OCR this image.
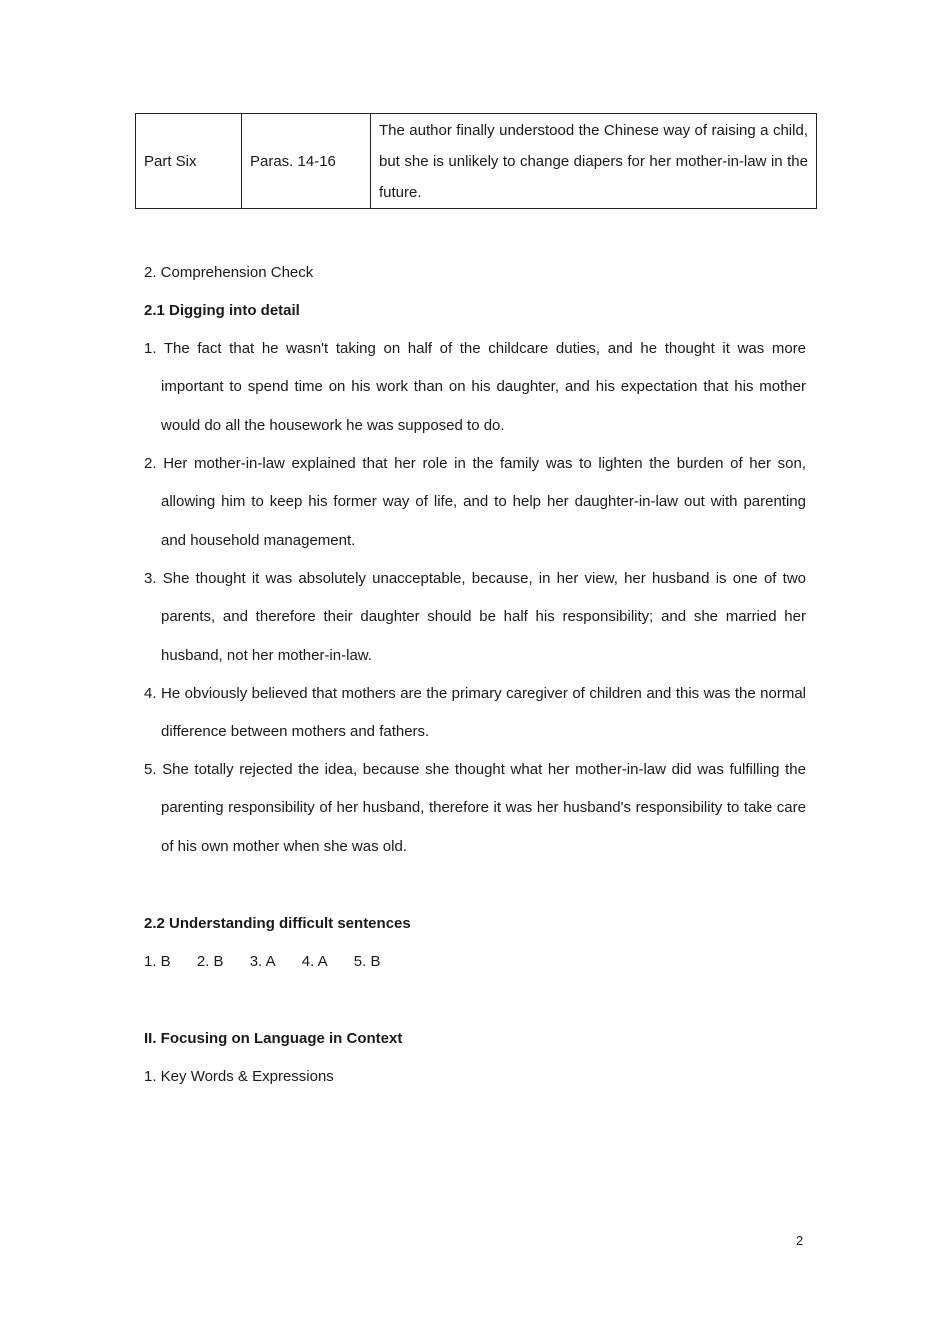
Part Six	Paras. 14-16	The author finally understood the Chinese way of raising a child, but she is unlikely to change diapers for her mother-in-law in the future.
2. Comprehension Check
2.1 Digging into detail
1. The fact that he wasn't taking on half of the childcare duties, and he thought it was more important to spend time on his work than on his daughter, and his expectation that his mother would do all the housework he was supposed to do.
2. Her mother-in-law explained that her role in the family was to lighten the burden of her son, allowing him to keep his former way of life, and to help her daughter-in-law out with parenting and household management.
3. She thought it was absolutely unacceptable, because, in her view, her husband is one of two parents, and therefore their daughter should be half his responsibility; and she married her husband, not her mother-in-law.
4. He obviously believed that mothers are the primary caregiver of children and this was the normal difference between mothers and fathers.
5. She totally rejected the idea, because she thought what her mother-in-law did was fulfilling the parenting responsibility of her husband, therefore it was her husband's responsibility to take care of his own mother when she was old.
2.2 Understanding difficult sentences
1. B 2. B 3. A 4. A 5. B
II. Focusing on Language in Context
1. Key Words & Expressions
2
